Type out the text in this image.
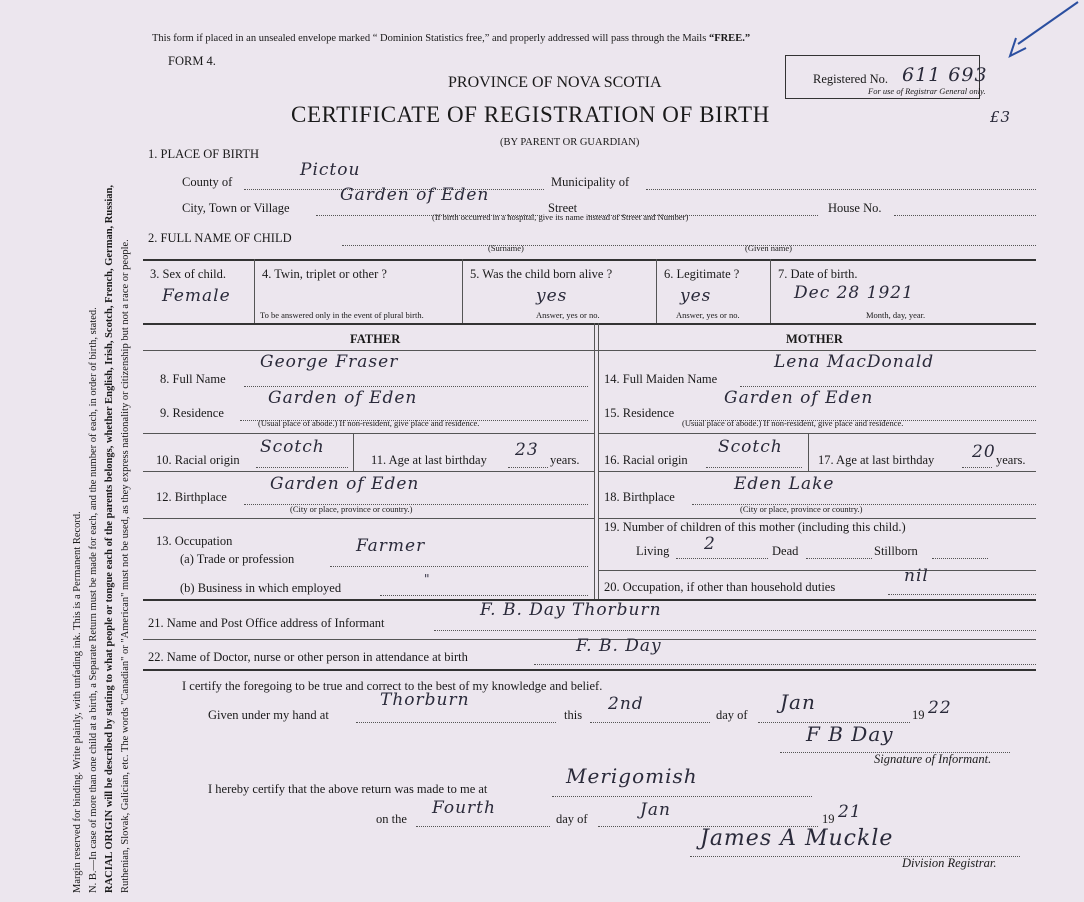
Margin reserved for binding. Write plainly, with unfading ink. This is a Permanent Record. N. B.—In case of more than one child at a birth, a Separate Return must be made for each, and the number of each, in order of birth, stated. RACIAL ORIGIN will be described by stating to what people or tongue each of the parents belongs, whether English, Irish, Scotch, French, German, Russian, Ruthenian, Slovak, Galician, etc. The words "Canadian" or "American" must not be used, as they express nationality or citizenship but not a race or people.
This form if placed in an unsealed envelope marked “ Dominion Statistics free,” and properly addressed will pass through the Mails “FREE.”
FORM 4.
PROVINCE OF NOVA SCOTIA	Registered No. 611 693
For use of Registrar General only.
£3
CERTIFICATE OF REGISTRATION OF BIRTH
(BY PARENT OR GUARDIAN)
1. PLACE OF BIRTH
County of
Pictou
Municipality of
City, Town or Village
Garden of Eden
Street	House No.
(If birth occurred in a hospital, give its name instead of Street and Number)
2. FULL NAME OF CHILD
(Surname)	(Given name)
3. Sex of child.
Female
4. Twin, triplet or other ?
To be answered only in the event of plural birth.
5. Was the child born alive ?
yes
Answer, yes or no.
6. Legitimate ?
yes
Answer, yes or no.
7. Date of birth.
Dec 28 1921
Month, day, year.
FATHER	MOTHER
8. Full Name
George Fraser
9. Residence
Garden of Eden
(Usual place of abode.) If non-resident, give place and residence.
10. Racial origin
Scotch
11. Age at last birthday 23 years.
12. Birthplace
Garden of Eden
(City or place, province or country.)
13. Occupation
(a) Trade or profession
Farmer
(b) Business in which employed
"
14. Full Maiden Name
Lena MacDonald
15. Residence
Garden of Eden
(Usual place of abode.) If non-resident, give place and residence.
16. Racial origin
Scotch
17. Age at last birthday 20 years.
18. Birthplace
Eden Lake
(City or place, province or country.)
19. Number of children of this mother (including this child.)
Living 2	Dead	Stillborn
20. Occupation, if other than household duties
nil
21. Name and Post Office address of Informant
F. B. Day Thorburn
22. Name of Doctor, nurse or other person in attendance at birth
F. B. Day
I certify the foregoing to be true and correct to the best of my knowledge and belief.
Given under my hand at
Thorburn
this
2nd
day of
Jan
19 22
F B Day
Signature of Informant.
I hereby certify that the above return was made to me at
Merigomish
on the
Fourth
day of	Jan	19 21
James A Muckle
Division Registrar.
